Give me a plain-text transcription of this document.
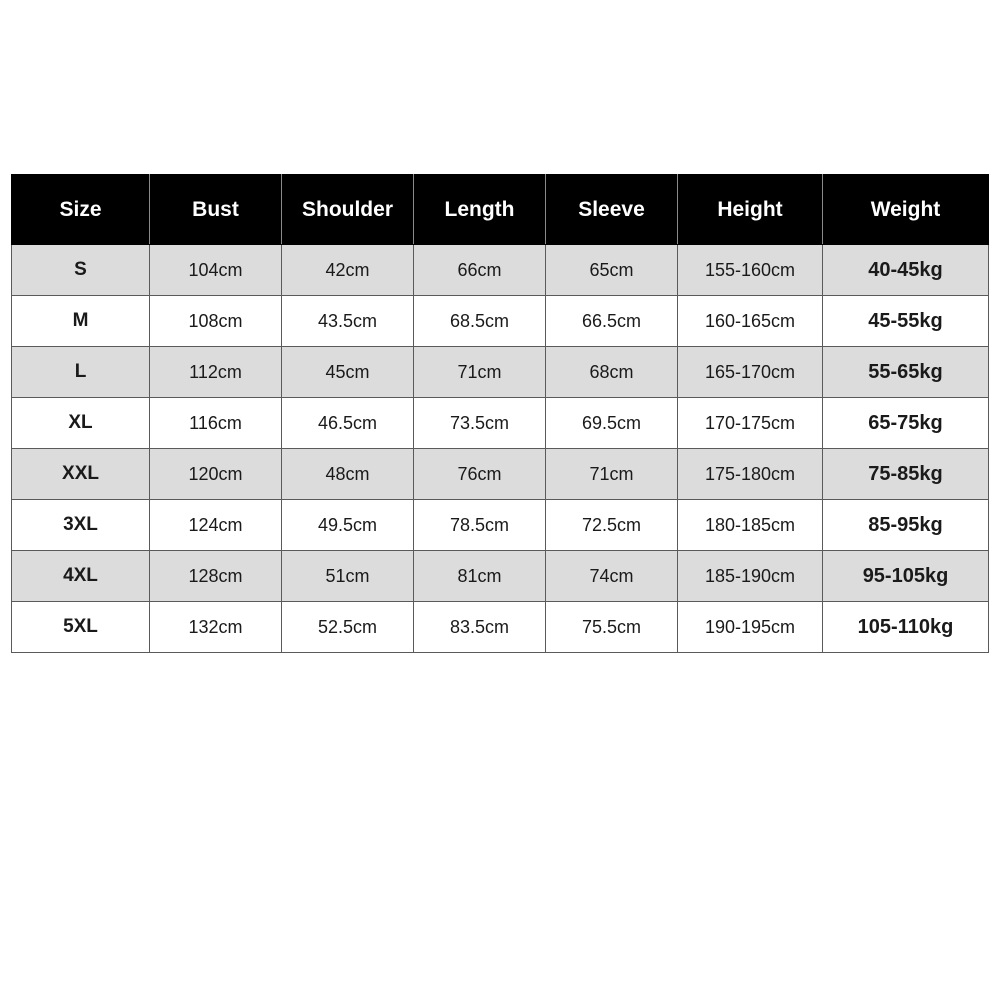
Size	Bust	Shoulder	Length	Sleeve	Height	Weight
S	104cm	42cm	66cm	65cm	155-160cm	40-45kg
M	108cm	43.5cm	68.5cm	66.5cm	160-165cm	45-55kg
L	112cm	45cm	71cm	68cm	165-170cm	55-65kg
XL	116cm	46.5cm	73.5cm	69.5cm	170-175cm	65-75kg
XXL	120cm	48cm	76cm	71cm	175-180cm	75-85kg
3XL	124cm	49.5cm	78.5cm	72.5cm	180-185cm	85-95kg
4XL	128cm	51cm	81cm	74cm	185-190cm	95-105kg
5XL	132cm	52.5cm	83.5cm	75.5cm	190-195cm	105-110kg
